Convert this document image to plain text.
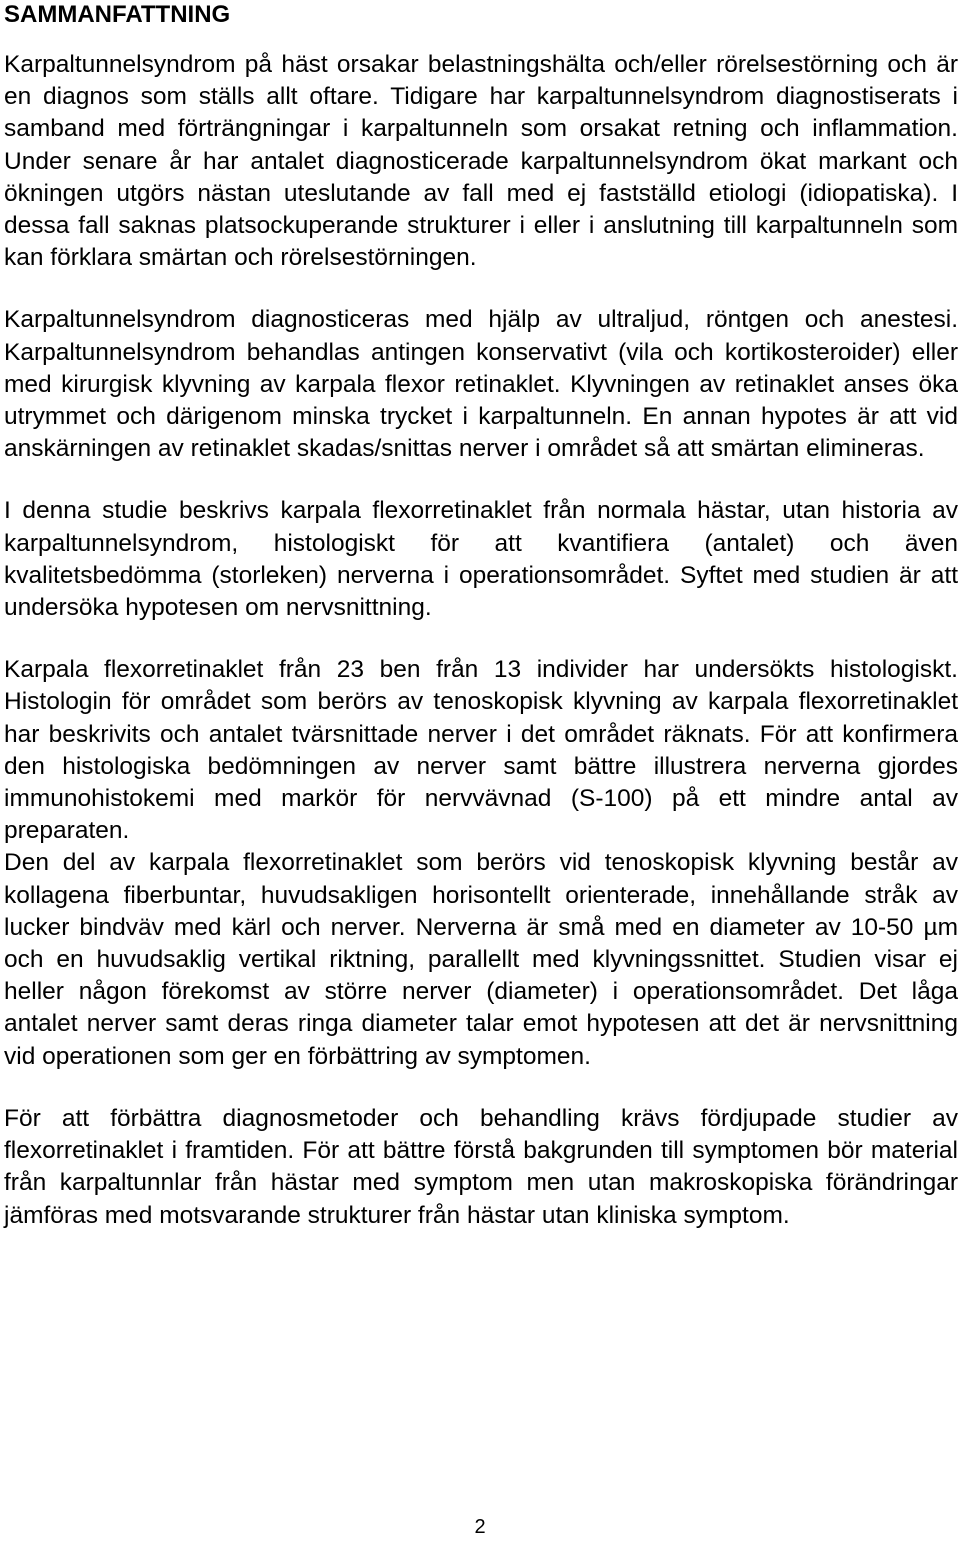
SAMMANFATTNING

Karpaltunnelsyndrom på häst orsakar belastningshälta och/eller rörelsestörning och är en diagnos som ställs allt oftare. Tidigare har karpaltunnelsyndrom diagnostiserats i samband med förträngningar i karpaltunneln som orsakat retning och inflammation. Under senare år har antalet diagnosticerade karpaltunnelsyndrom ökat markant och ökningen utgörs nästan uteslutande av fall med ej fastställd etiologi (idiopatiska). I dessa fall saknas platsockuperande strukturer i eller i anslutning till karpaltunneln som kan förklara smärtan och rörelsestörningen.

Karpaltunnelsyndrom diagnosticeras med hjälp av ultraljud, röntgen och anestesi. Karpaltunnelsyndrom behandlas antingen konservativt (vila och kortikosteroider) eller med kirurgisk klyvning av karpala flexor retinaklet. Klyvningen av retinaklet anses öka utrymmet och därigenom minska trycket i karpaltunneln. En annan hypotes är att vid anskärningen av retinaklet skadas/snittas nerver i området så att smärtan elimineras.

I denna studie beskrivs karpala flexorretinaklet från normala hästar, utan historia av karpaltunnelsyndrom, histologiskt för att kvantifiera (antalet) och även kvalitetsbedömma (storleken) nerverna i operationsområdet. Syftet med studien är att undersöka hypotesen om nervsnittning.

Karpala flexorretinaklet från 23 ben från 13 individer har undersökts histologiskt. Histologin för området som berörs av tenoskopisk klyvning av karpala flexorretinaklet har beskrivits och antalet tvärsnittade nerver i det området räknats. För att konfirmera den histologiska bedömningen av nerver samt bättre illustrera nerverna gjordes immunohistokemi med markör för nervvävnad (S-100) på ett mindre antal av preparaten.

Den del av karpala flexorretinaklet som berörs vid tenoskopisk klyvning består av kollagena fiberbuntar, huvudsakligen horisontellt orienterade, innehållande stråk av lucker bindväv med kärl och nerver. Nerverna är små med en diameter av 10-50 µm och en huvudsaklig vertikal riktning, parallellt med klyvningssnittet. Studien visar ej heller någon förekomst av större nerver (diameter) i operationsområdet. Det låga antalet nerver samt deras ringa diameter talar emot hypotesen att det är nervsnittning vid operationen som ger en förbättring av symptomen.

För att förbättra diagnosmetoder och behandling krävs fördjupade studier av flexorretinaklet i framtiden. För att bättre förstå bakgrunden till symptomen bör material från karpaltunnlar från hästar med symptom men utan makroskopiska förändringar jämföras med motsvarande strukturer från hästar utan kliniska symptom.

2
